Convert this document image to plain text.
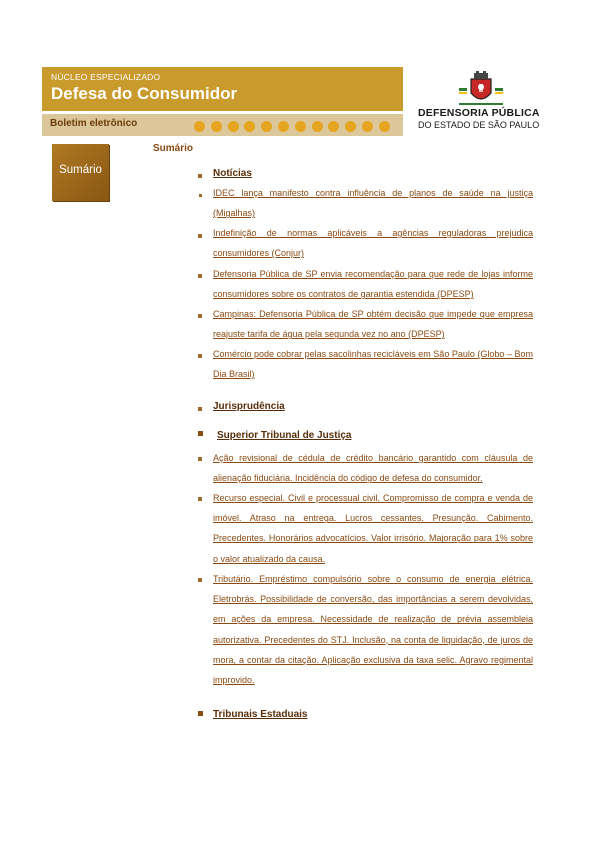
NÚCLEO ESPECIALIZADO
Defesa do Consumidor
Boletim eletrônico
DEFENSORIA PÚBLICA
DO ESTADO DE SÃO PAULO
Sumário
Sumário
Notícias
IDEC lança manifesto contra influência de planos de saúde na justiça (Migalhas)
Indefinição de normas aplicáveis a agências reguladoras prejudica consumidores (Conjur)
Defensoria Pública de SP envia recomendação para que rede de lojas informe consumidores sobre os contratos de garantia estendida (DPESP)
Campinas: Defensoria Pública de SP obtém decisão que impede que empresa reajuste tarifa de água pela segunda vez no ano (DPESP)
Comércio pode cobrar pelas sacolinhas recicláveis em São Paulo (Globo – Bom Dia Brasil)
Jurisprudência
Superior Tribunal de Justiça
Ação revisional de cédula de crédito bancário garantido com cláusula de alienação fiduciária. Incidência do código de defesa do consumidor.
Recurso especial. Civil e processual civil. Compromisso de compra e venda de imóvel. Atraso na entrega. Lucros cessantes. Presunção. Cabimento. Precedentes. Honorários advocatícios. Valor irrisório. Majoração para 1% sobre o valor atualizado da causa.
Tributário. Empréstimo compulsório sobre o consumo de energia elétrica. Eletrobrás. Possibilidade de conversão, das importâncias a serem devolvidas, em ações da empresa. Necessidade de realização de prévia assembleia autorizativa. Precedentes do STJ. Inclusão, na conta de liquidação, de juros de mora, a contar da citação. Aplicação exclusiva da taxa selic. Agravo regimental improvido.
Tribunais Estaduais
